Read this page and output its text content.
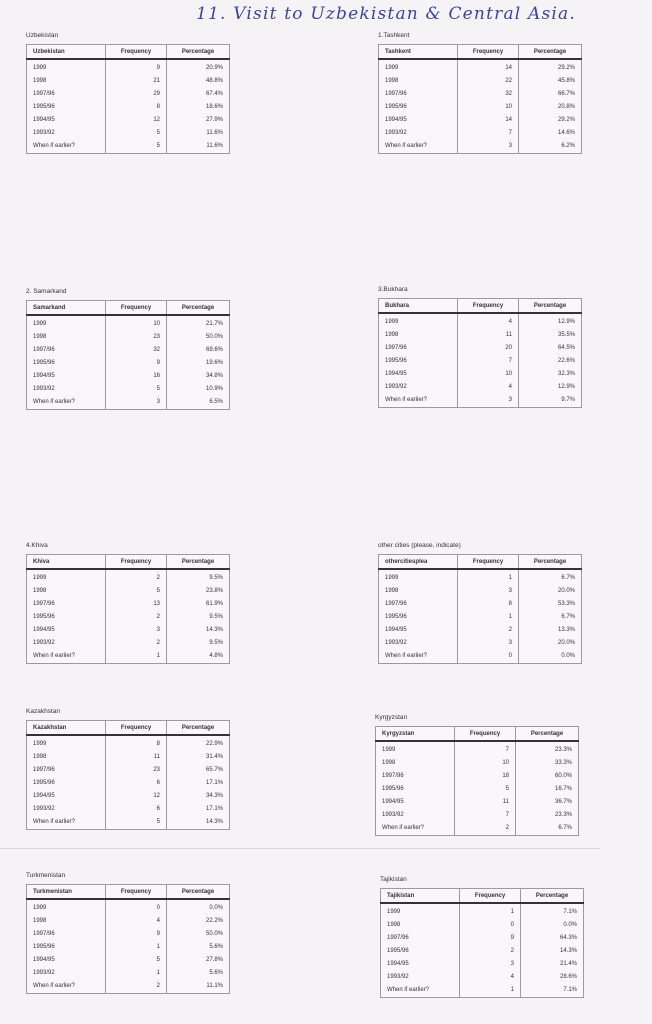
11. Visit to Uzbekistan & Central Asia.
Uzbekistan
Uzbekistan	Frequency	Percentage
1999	9	20.9%
1998	21	48.8%
1997/96	29	67.4%
1995/96	8	18.6%
1994/95	12	27.9%
1993/92	5	11.6%
When if earlier?	5	11.6%
1.Tashkent
Tashkent	Frequency	Percentage
1999	14	29.2%
1998	22	45.8%
1997/96	32	66.7%
1995/96	10	20.8%
1994/95	14	29.2%
1993/92	7	14.6%
When if earlier?	3	6.2%
2. Samarkand
Samarkand	Frequency	Percentage
1999	10	21.7%
1998	23	50.0%
1997/96	32	69.6%
1995/96	9	19.6%
1994/95	16	34.8%
1993/92	5	10.9%
When if earlier?	3	6.5%
3.Bukhara
Bukhara	Frequency	Percentage
1999	4	12.9%
1998	11	35.5%
1997/96	20	64.5%
1995/96	7	22.6%
1994/95	10	32.3%
1993/92	4	12.9%
When if earlier?	3	9.7%
4.Khiva
Khiva	Frequency	Percentage
1999	2	9.5%
1998	5	23.8%
1997/96	13	61.9%
1995/96	2	9.5%
1994/95	3	14.3%
1993/92	2	9.5%
When if earlier?	1	4.8%
other cities (please, indicate)
othercitiesplea	Frequency	Percentage
1999	1	6.7%
1998	3	20.0%
1997/96	8	53.3%
1995/96	1	6.7%
1994/95	2	13.3%
1993/92	3	20.0%
When if earlier?	0	0.0%
Kazakhstan
Kazakhstan	Frequency	Percentage
1999	8	22.9%
1998	11	31.4%
1997/96	23	65.7%
1995/96	6	17.1%
1994/95	12	34.3%
1993/92	6	17.1%
When if earlier?	5	14.3%
Kyrgyzstan
Kyrgyzstan	Frequency	Percentage
1999	7	23.3%
1998	10	33.3%
1997/96	18	60.0%
1995/96	5	16.7%
1994/95	11	36.7%
1993/92	7	23.3%
When if earlier?	2	6.7%
Turkmenistan
Turkmenistan	Frequency	Percentage
1999	0	0.0%
1998	4	22.2%
1997/96	9	50.0%
1995/96	1	5.6%
1994/95	5	27.8%
1993/92	1	5.6%
When if earlier?	2	11.1%
Tajikistan
Tajikistan	Frequency	Percentage
1999	1	7.1%
1998	0	0.0%
1997/96	9	64.3%
1995/96	2	14.3%
1994/95	3	21.4%
1993/92	4	28.6%
When if earlier?	1	7.1%
